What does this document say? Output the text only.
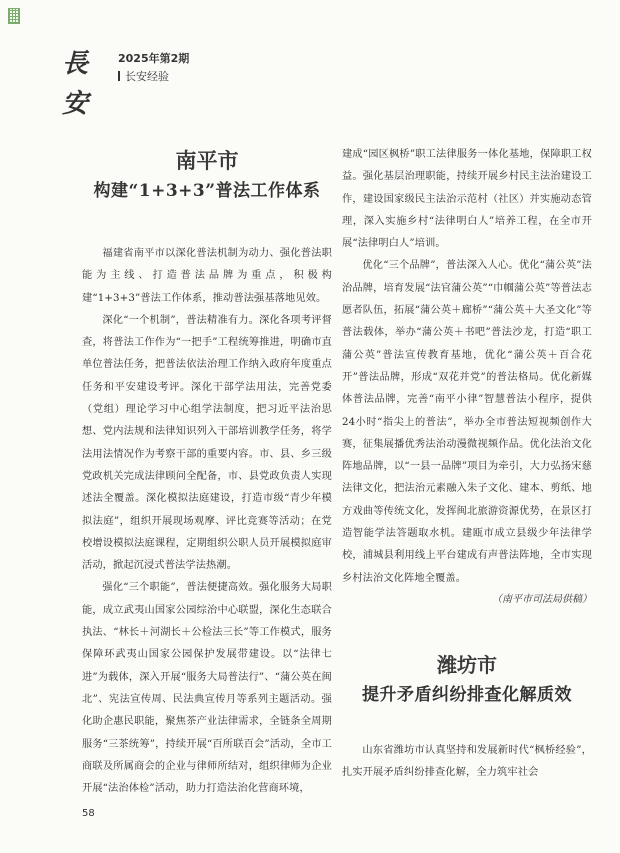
長安
2025年第2期
长安经验
南平市
构建“1+3+3”普法工作体系

福建省南平市以深化普法机制为动力、强化普法职能为主线、打造普法品牌为重点，积极构建“1+3+3”普法工作体系，推动普法强基落地见效。

深化“一个机制”，普法精准有力。深化各项考评督查，将普法工作作为“一把手”工程统筹推进，明确市直单位普法任务，把普法依法治理工作纳入政府年度重点任务和平安建设考评。深化干部学法用法，完善党委（党组）理论学习中心组学法制度，把习近平法治思想、党内法规和法律知识列入干部培训教学任务，将学法用法情况作为考察干部的重要内容。市、县、乡三级党政机关完成法律顾问全配备，市、县党政负责人实现述法全覆盖。深化模拟法庭建设，打造市级“青少年模拟法庭”，组织开展现场观摩、评比竞赛等活动；在党校增设模拟法庭课程，定期组织公职人员开展模拟庭审活动，掀起沉浸式普法学法热潮。

强化“三个职能”，普法便捷高效。强化服务大局职能，成立武夷山国家公园综治中心联盟，深化生态联合执法、“林长＋河湖长＋公检法三长”等工作模式，服务保障环武夷山国家公园保护发展带建设。以“法律七进”为载体，深入开展“服务大局普法行”、“蒲公英在闽北”、宪法宣传周、民法典宣传月等系列主题活动。强化助企惠民职能，聚焦茶产业法律需求，全链条全周期服务“三茶统筹”，持续开展“百所联百会”活动，全市工商联及所属商会的企业与律师所结对，组织律师为企业开展“法治体检”活动，助力打造法治化营商环境，

建成“园区枫桥”职工法律服务一体化基地，保障职工权益。强化基层治理职能，持续开展乡村民主法治建设工作，建设国家级民主法治示范村（社区）并实施动态管理，深入实施乡村“法律明白人”培养工程，在全市开展“法律明白人”培训。

优化“三个品牌”，普法深入人心。优化“蒲公英”法治品牌，培育发展“法官蒲公英”“巾帼蒲公英”等普法志愿者队伍，拓展“蒲公英＋廊桥”“蒲公英＋大圣文化”等普法载体，举办“蒲公英＋书吧”普法沙龙，打造“职工蒲公英”普法宣传教育基地，优化“蒲公英＋百合花开”普法品牌，形成“双花并党”的普法格局。优化新媒体普法品牌，完善“南平小律”智慧普法小程序，提供24小时“指尖上的普法”，举办全市普法短视频创作大赛，征集展播优秀法治动漫微视频作品。优化法治文化阵地品牌，以“一县一品牌”项目为牵引，大力弘扬宋慈法律文化，把法治元素融入朱子文化、建本、剪纸、地方戏曲等传统文化，发挥闽北旅游资源优势，在景区打造智能学法答题取水机。建瓯市成立县级少年法律学校，浦城县利用线上平台建成有声普法阵地，全市实现乡村法治文化阵地全覆盖。

（南平市司法局供稿）
潍坊市
提升矛盾纠纷排查化解质效

山东省潍坊市认真坚持和发展新时代“枫桥经验”，扎实开展矛盾纠纷排查化解，全力筑牢社会

58
